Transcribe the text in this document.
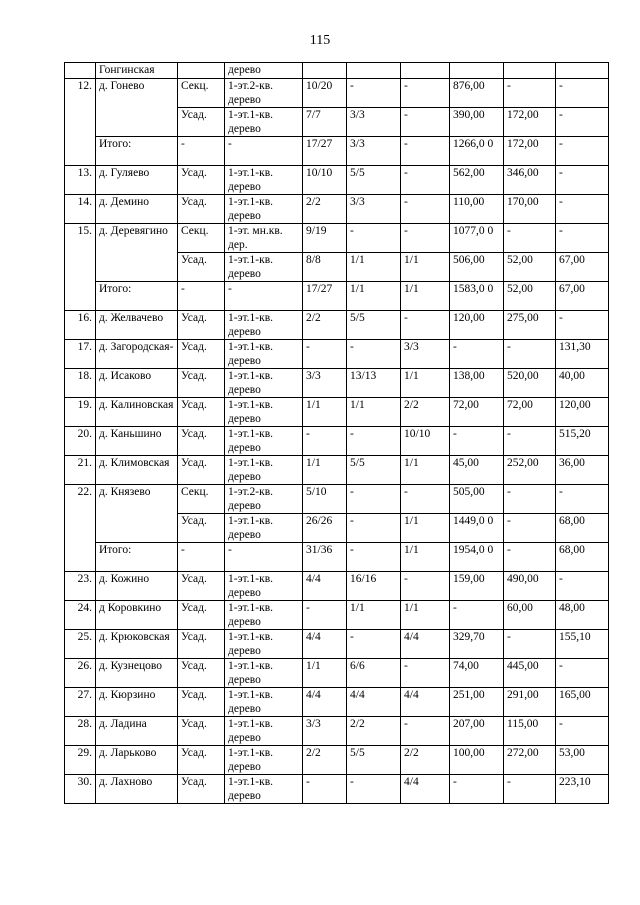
115
	Гонгинская		дерево						
12.	д. Гонево	Секц.	1-эт.2-кв. дерево	10/20	-	-	876,00	-	-
		Усад.	1-эт.1-кв. дерево	7/7	3/3	-	390,00	172,00	-
	Итого:	-	-	17/27	3/3	-	1266,0 0	172,00	-
13.	д. Гуляево	Усад.	1-эт.1-кв. дерево	10/10	5/5	-	562,00	346,00	-
14.	д. Демино	Усад.	1-эт.1-кв. дерево	2/2	3/3	-	110,00	170,00	-
15.	д. Деревягино	Секц.	1-эт. мн.кв. дер.	9/19	-	-	1077,0 0	-	-
		Усад.	1-эт.1-кв. дерево	8/8	1/1	1/1	506,00	52,00	67,00
	Итого:	-	-	17/27	1/1	1/1	1583,0 0	52,00	67,00
16.	д. Желвачево	Усад.	1-эт.1-кв. дерево	2/2	5/5	-	120,00	275,00	-
17.	д. Загородская-	Усад.	1-эт.1-кв. дерево	-	-	3/3	-	-	131,30
18.	д. Исаково	Усад.	1-эт.1-кв. дерево	3/3	13/13	1/1	138,00	520,00	40,00
19.	д. Калиновская	Усад.	1-эт.1-кв. дерево	1/1	1/1	2/2	72,00	72,00	120,00
20.	д. Каньшино	Усад.	1-эт.1-кв. дерево	-	-	10/10	-	-	515,20
21.	д. Климовская	Усад.	1-эт.1-кв. дерево	1/1	5/5	1/1	45,00	252,00	36,00
22.	д. Князево	Секц.	1-эт.2-кв. дерево	5/10	-	-	505,00	-	-
		Усад.	1-эт.1-кв. дерево	26/26	-	1/1	1449,0 0	-	68,00
	Итого:	-	-	31/36	-	1/1	1954,0 0	-	68,00
23.	д. Кожино	Усад.	1-эт.1-кв. дерево	4/4	16/16	-	159,00	490,00	-
24.	д Коровкино	Усад.	1-эт.1-кв. дерево	-	1/1	1/1	-	60,00	48,00
25.	д. Крюковская	Усад.	1-эт.1-кв. дерево	4/4	-	4/4	329,70	-	155,10
26.	д. Кузнецово	Усад.	1-эт.1-кв. дерево	1/1	6/6	-	74,00	445,00	-
27.	д. Кюрзино	Усад.	1-эт.1-кв. дерево	4/4	4/4	4/4	251,00	291,00	165,00
28.	д. Ладина	Усад.	1-эт.1-кв. дерево	3/3	2/2	-	207,00	115,00	-
29.	д. Ларьково	Усад.	1-эт.1-кв. дерево	2/2	5/5	2/2	100,00	272,00	53,00
30.	д. Лахново	Усад.	1-эт.1-кв. дерево	-	-	4/4	-	-	223,10
